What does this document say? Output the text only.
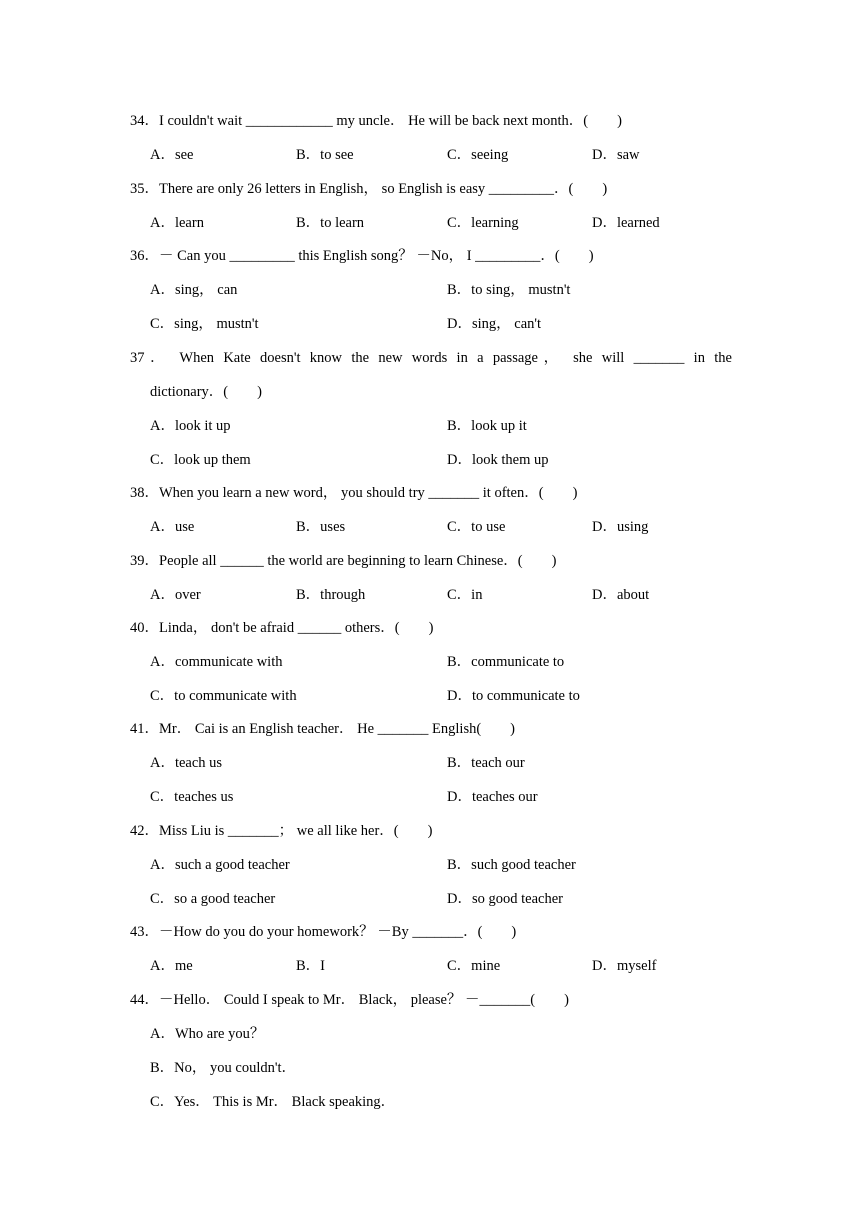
34．I couldn't wait ____________ my uncle． He will be back next month．(　　)
A．see	B．to see	C．seeing	D．saw
35．There are only 26 letters in English， so English is easy _________．(　　)
A．learn	B．to learn	C．learning	D．learned
36．－ Can you _________ this English song？ －No， I _________．(　　)
A．sing， can	B．to sing， mustn't
C．sing， mustn't	D．sing， can't
37． When Kate doesn't know the new words in a passage， she will _______ in the
dictionary．(　　)
A．look it up	B．look up it
C．look up them	D．look them up
38．When you learn a new word， you should try _______ it often．(　　)
A．use	B．uses	C．to use	D．using
39．People all ______ the world are beginning to learn Chinese．(　　)
A．over	B．through	C．in	D．about
40．Linda， don't be afraid ______ others．(　　)
A．communicate with	B．communicate to
C．to communicate with	D．to communicate to
41．Mr． Cai is an English teacher． He _______ English(　　)
A．teach us	B．teach our
C．teaches us	D．teaches our
42．Miss Liu is _______； we all like her．(　　)
A．such a good teacher	B．such good teacher
C．so a good teacher	D．so good teacher
43．－How do you do your homework？ －By _______．(　　)
A．me	B．I	C．mine	D．myself
44．－Hello． Could I speak to Mr． Black， please？ －_______(　　)
A．Who are you？
B．No， you couldn't．
C．Yes． This is Mr． Black speaking．
